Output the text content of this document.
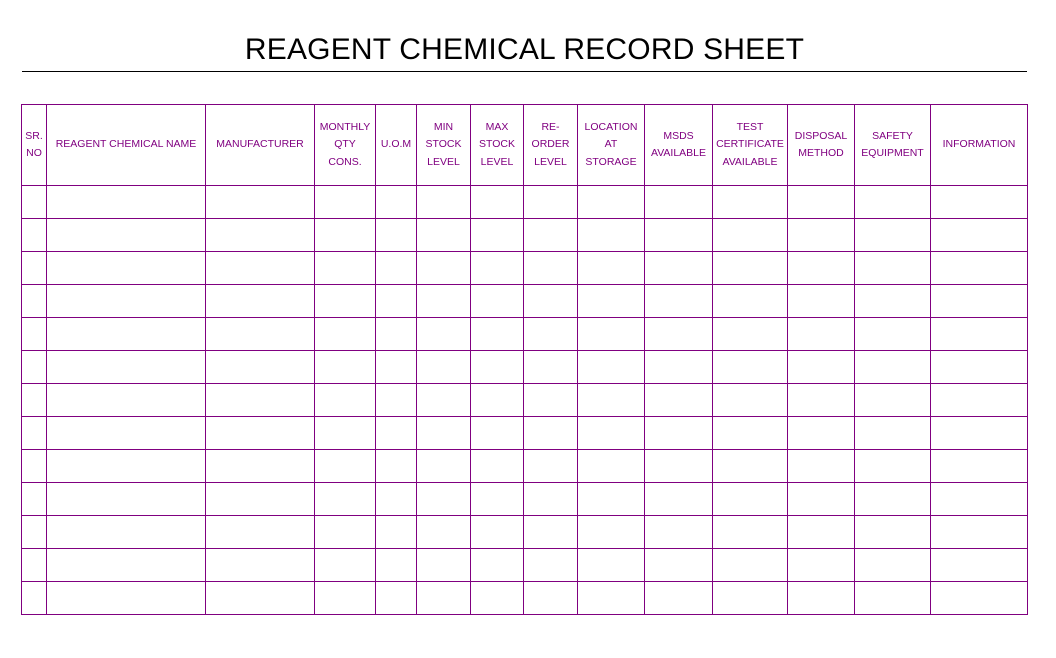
REAGENT CHEMICAL RECORD SHEET
SR.
NO	REAGENT CHEMICAL NAME	MANUFACTURER	MONTHLY
QTY
CONS.	U.O.M	MIN
STOCK
LEVEL	MAX
STOCK
LEVEL	RE-
ORDER
LEVEL	LOCATION
AT
STORAGE	MSDS
AVAILABLE	TEST
CERTIFICATE
AVAILABLE	DISPOSAL
METHOD	SAFETY
EQUIPMENT	INFORMATION
